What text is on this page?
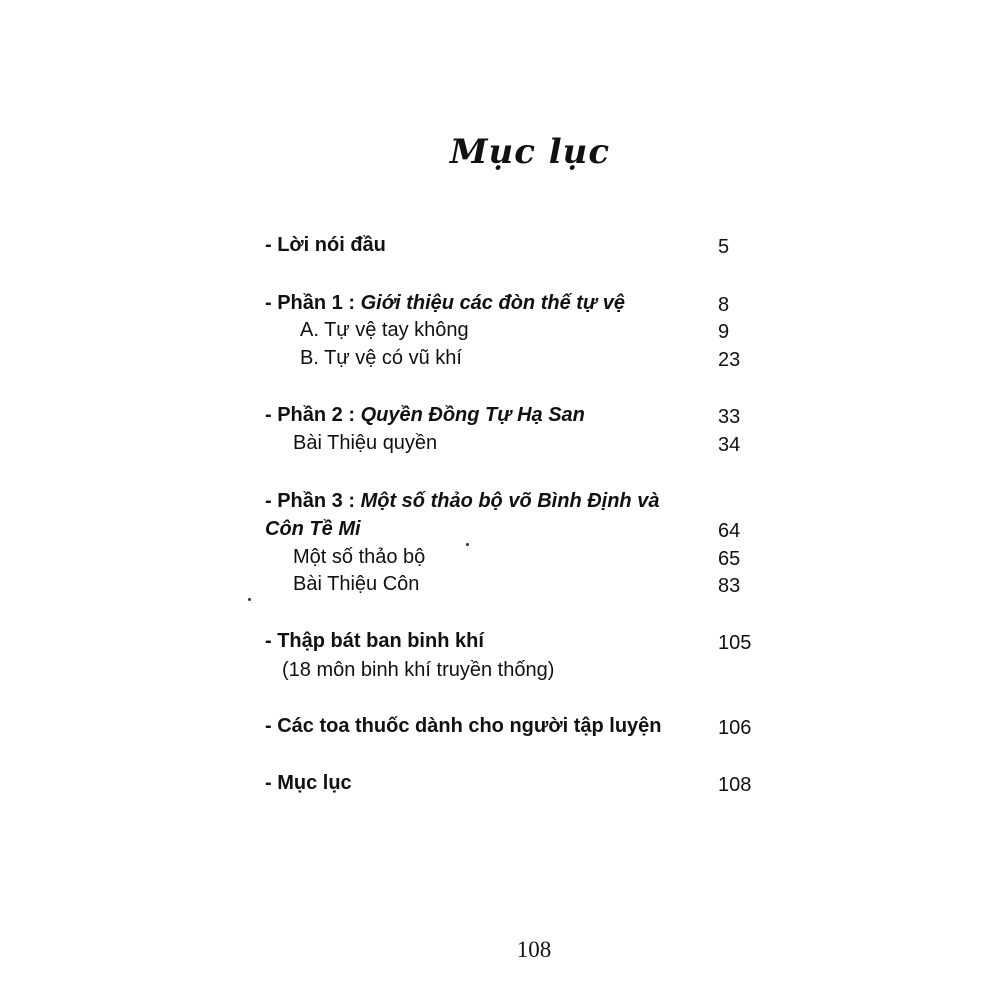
Mục lục
- Lời nói đầu	5
- Phần 1 : Giới thiệu các đòn thế tự vệ	8
A. Tự vệ tay không	9
B. Tự vệ có vũ khí	23
- Phần 2 : Quyền Đồng Tự Hạ San	33
Bài Thiệu quyền	34
- Phần 3 : Một số thảo bộ võ Bình Định và
Côn Tề Mi	64
Một số thảo bộ	65
Bài Thiệu Côn	83
- Thập bát ban binh khí	105
(18 môn binh khí truyền thống)
- Các toa thuốc dành cho người tập luyện	106
- Mục lục	108
108
